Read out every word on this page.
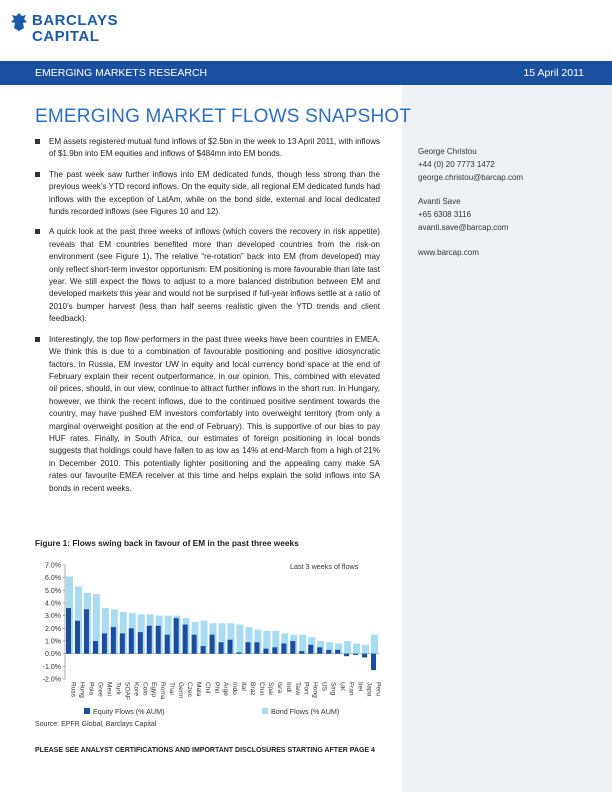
BARCLAYS
CAPITAL
EMERGING MARKETS RESEARCH	15 April 2011
George Christou
+44 (0) 20 7773 1472
george.christou@barcap.com
Avanti Save
+65 6308 3116
avanti.save@barcap.com
www.barcap.com
EMERGING MARKET FLOWS SNAPSHOT
EM assets registered mutual fund inflows of $2.5bn in the week to 13 April 2011, with inflows of $1.9bn into EM equities and inflows of $484mn into EM bonds.
The past week saw further inflows into EM dedicated funds, though less strong than the previous week’s YTD record inflows. On the equity side, all regional EM dedicated funds had inflows with the exception of LatAm, while on the bond side, external and local dedicated funds recorded inflows (see Figures 10 and 12).
A quick look at the past three weeks of inflows (which covers the recovery in risk appetite) reveals that EM countries benefited more than developed countries from the risk-on environment (see Figure 1). The relative “re-rotation” back into EM (from developed) may only reflect short-term investor opportunism: EM positioning is more favourable than late last year. We still expect the flows to adjust to a more balanced distribution between EM and developed markets this year and would not be surprised if full-year inflows settle at a ratio of 2010’s bumper harvest (less than half seems realistic given the YTD trends and client feedback).
Interestingly, the top flow performers in the past three weeks have been countries in EMEA. We think this is due to a combination of favourable positioning and positive idiosyncratic factors. In Russia, EM investor UW in equity and local currency bond space at the end of February explain their recent outperformance, in our opinion. This, combined with elevated oil prices, should, in our view, continue to attract further inflows in the short run. In Hungary, however, we think the recent inflows, due to the continued positive sentiment towards the country, may have pushed EM investors comfortably into overweight territory (from only a marginal overweight position at the end of February). This is supportive of our bias to pay HUF rates. Finally, in South Africa, our estimates of foreign positioning in local bonds suggests that holdings could have fallen to as low as 14% at end-March from a high of 21% in December 2010. This potentially lighter positioning and the appealing carry make SA rates our favourite EMEA receiver at this time and helps explain the solid inflows into SA bonds in recent weeks.
Figure 1: Flows swing back in favour of EM in the past three weeks
-2.0%
-1.0%
0.0%
1.0%
2.0%
3.0%
4.0%
5.0%
6.0%
7.0%
Russ Hung Pola Gree Mexi Turk SOAF Kore Colo Egyp Roma Thai Germ Czec Mala Chil Phil Arge Indo Ital Braz Chin Spai Isra Indi Taiw Port Hong US Sing UK Fran Irel Japa Peru
Last 3 weeks of flows
Equity Flows (% AUM)	Bond Flows (% AUM)
Source: EPFR Global, Barclays Capital
PLEASE SEE ANALYST CERTIFICATIONS AND IMPORTANT DISCLOSURES STARTING AFTER PAGE 4
